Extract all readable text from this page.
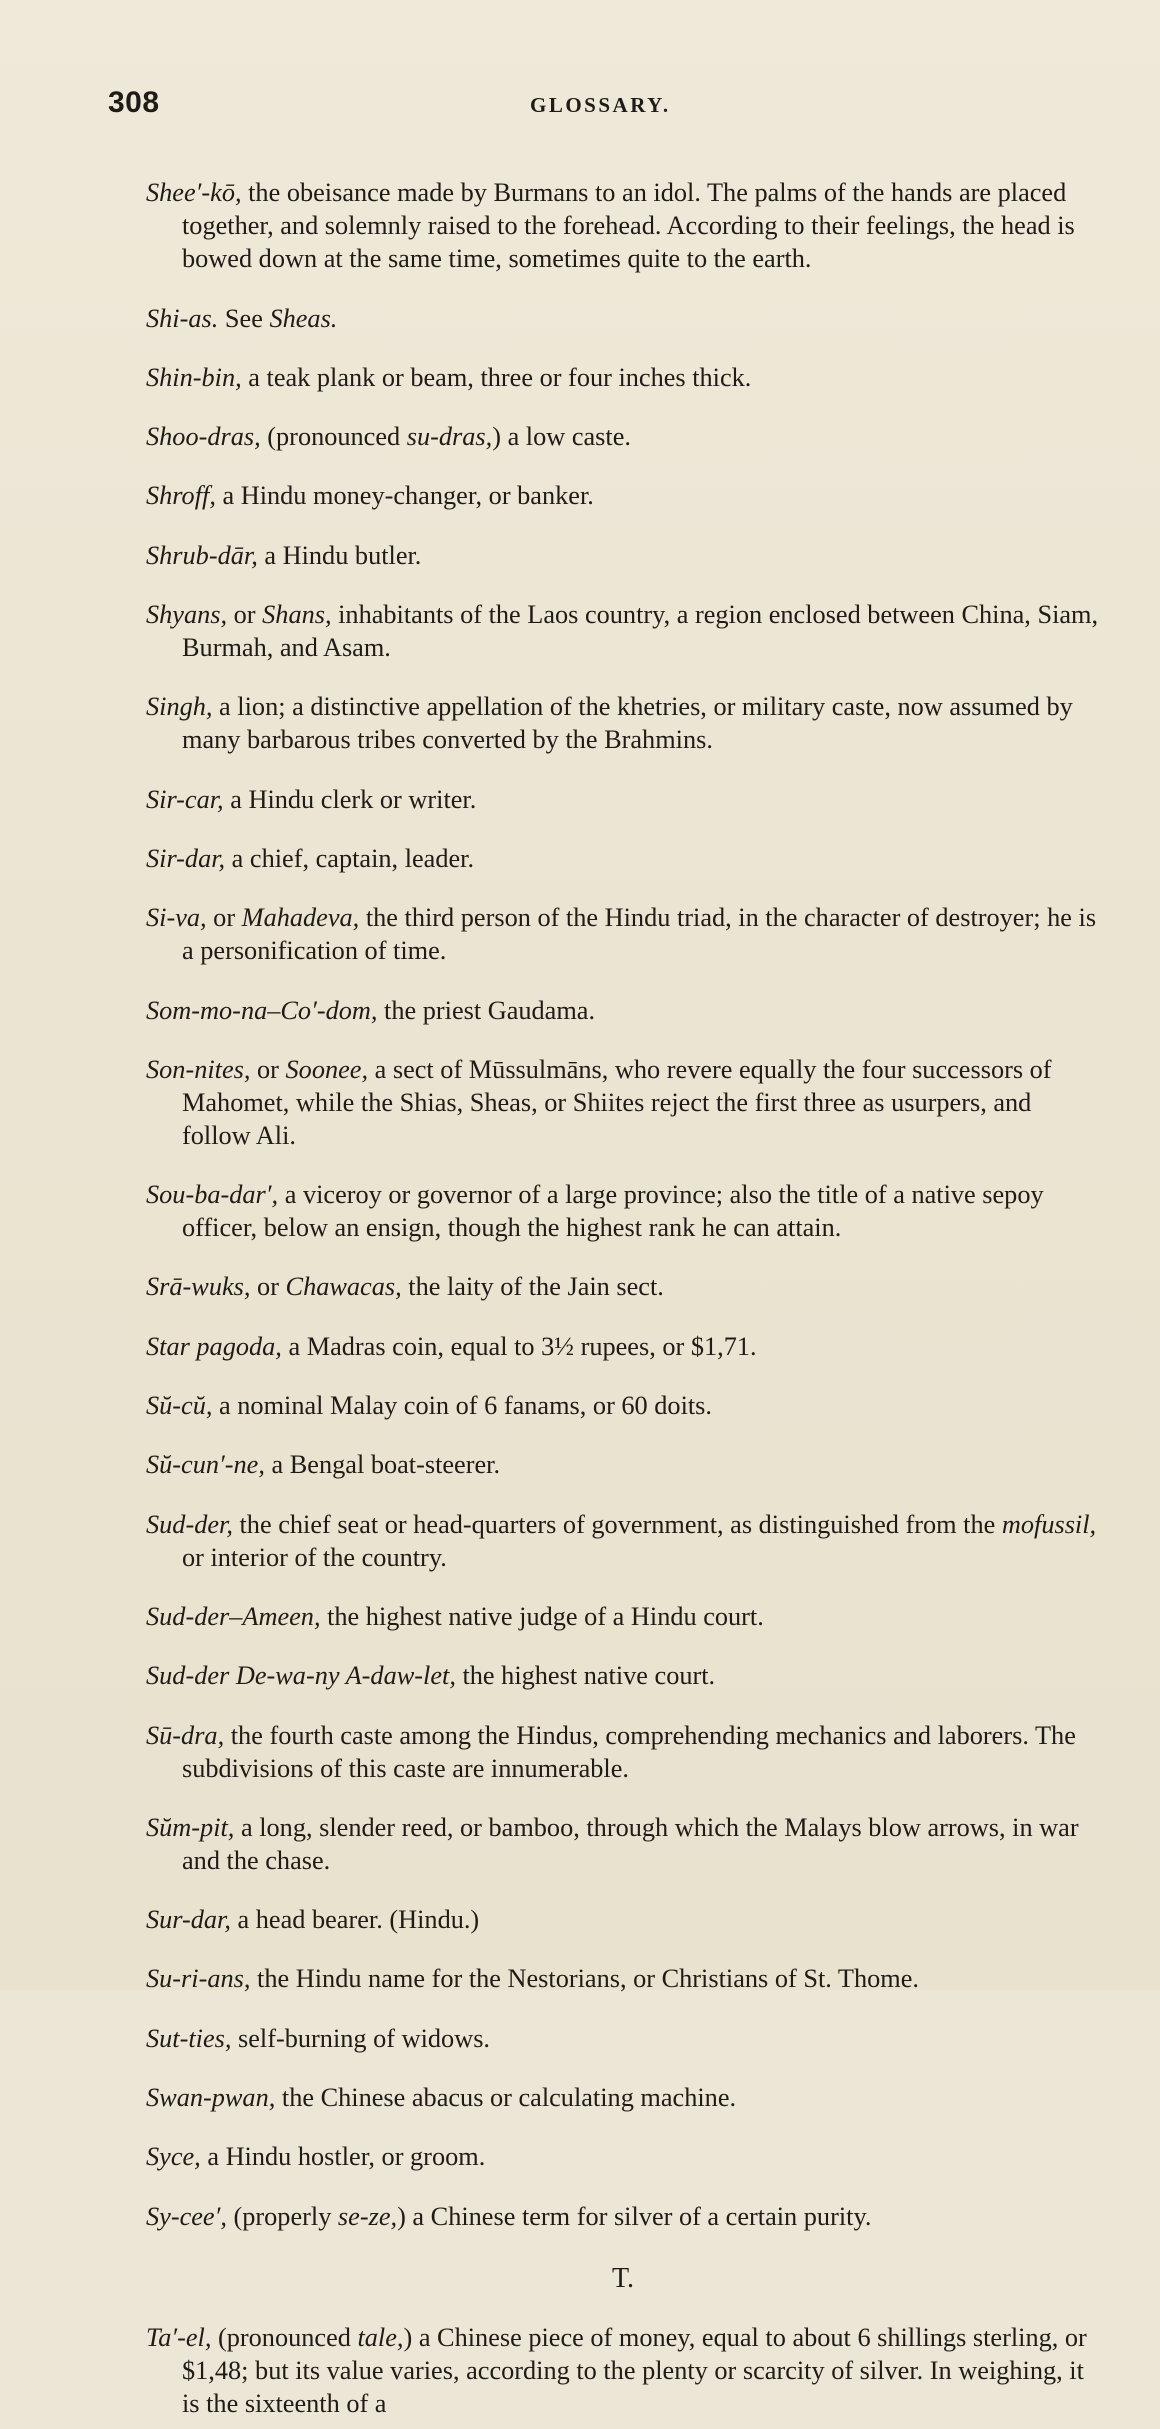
308	GLOSSARY.

Shee′-kō, the obeisance made by Burmans to an idol. The palms of the hands are placed together, and solemnly raised to the forehead. According to their feelings, the head is bowed down at the same time, sometimes quite to the earth.

Shi-as. See Sheas.

Shin-bin, a teak plank or beam, three or four inches thick.

Shoo-dras, (pronounced su-dras,) a low caste.

Shroff, a Hindu money-changer, or banker.

Shrub-dār, a Hindu butler.

Shyans, or Shans, inhabitants of the Laos country, a region enclosed between China, Siam, Burmah, and Asam.

Singh, a lion; a distinctive appellation of the khetries, or military caste, now assumed by many barbarous tribes converted by the Brahmins.

Sir-car, a Hindu clerk or writer.

Sir-dar, a chief, captain, leader.

Si-va, or Mahadeva, the third person of the Hindu triad, in the character of destroyer; he is a personification of time.

Som-mo-na–Co′-dom, the priest Gaudama.

Son-nites, or Soonee, a sect of Mūssulmāns, who revere equally the four successors of Mahomet, while the Shias, Sheas, or Shiites reject the first three as usurpers, and follow Ali.

Sou-ba-dar′, a viceroy or governor of a large province; also the title of a native sepoy officer, below an ensign, though the highest rank he can attain.

Srā-wuks, or Chawacas, the laity of the Jain sect.

Star pagoda, a Madras coin, equal to 3½ rupees, or $1,71.

Sŭ-cŭ, a nominal Malay coin of 6 fanams, or 60 doits.

Sŭ-cun′-ne, a Bengal boat-steerer.

Sud-der, the chief seat or head-quarters of government, as distinguished from the mofussil, or interior of the country.

Sud-der–Ameen, the highest native judge of a Hindu court.

Sud-der De-wa-ny A-daw-let, the highest native court.

Sū-dra, the fourth caste among the Hindus, comprehending mechanics and laborers. The subdivisions of this caste are innumerable.

Sŭm-pit, a long, slender reed, or bamboo, through which the Malays blow arrows, in war and the chase.

Sur-dar, a head bearer. (Hindu.)

Su-ri-ans, the Hindu name for the Nestorians, or Christians of St. Thome.

Sut-ties, self-burning of widows.

Swan-pwan, the Chinese abacus or calculating machine.

Syce, a Hindu hostler, or groom.

Sy-cee′, (properly se-ze,) a Chinese term for silver of a certain purity.

T.

Ta′-el, (pronounced tale,) a Chinese piece of money, equal to about 6 shillings sterling, or $1,48; but its value varies, according to the plenty or scarcity of silver. In weighing, it is the sixteenth of a
